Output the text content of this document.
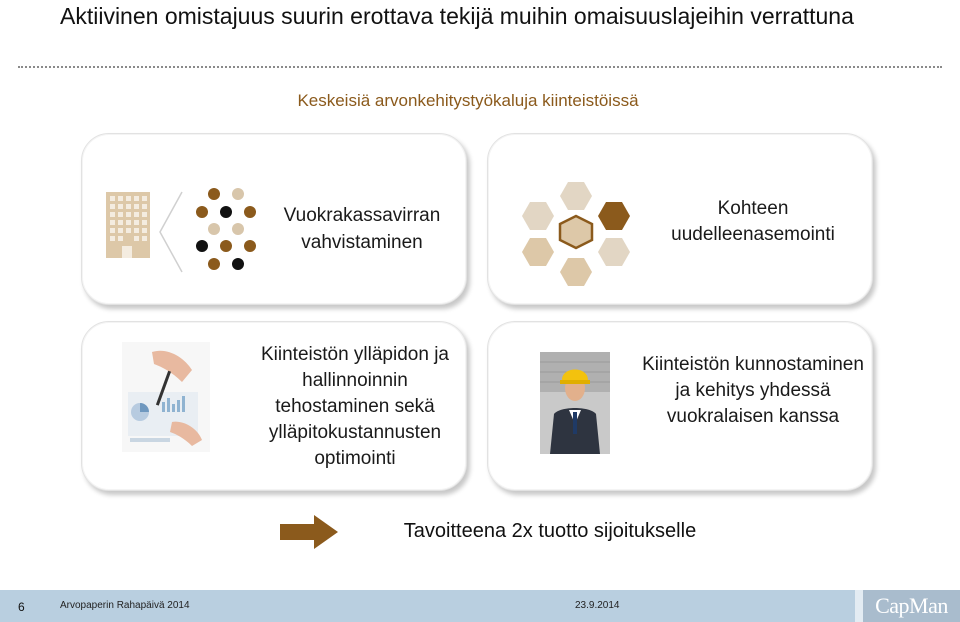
Aktiivinen omistajuus suurin erottava tekijä muihin omaisuuslajeihin verrattuna
Keskeisiä arvonkehitystyökaluja kiinteistöissä
Vuokrakassavirran vahvistaminen
Kohteen uudelleenasemointi
Kiinteistön ylläpidon ja hallinnoinnin tehostaminen sekä ylläpitokustannusten optimointi
Kiinteistön kunnostaminen ja kehitys yhdessä vuokralaisen kanssa
Tavoitteena 2x tuotto sijoitukselle
6	Arvopaperin Rahapäivä 2014	23.9.2014	CapMan
